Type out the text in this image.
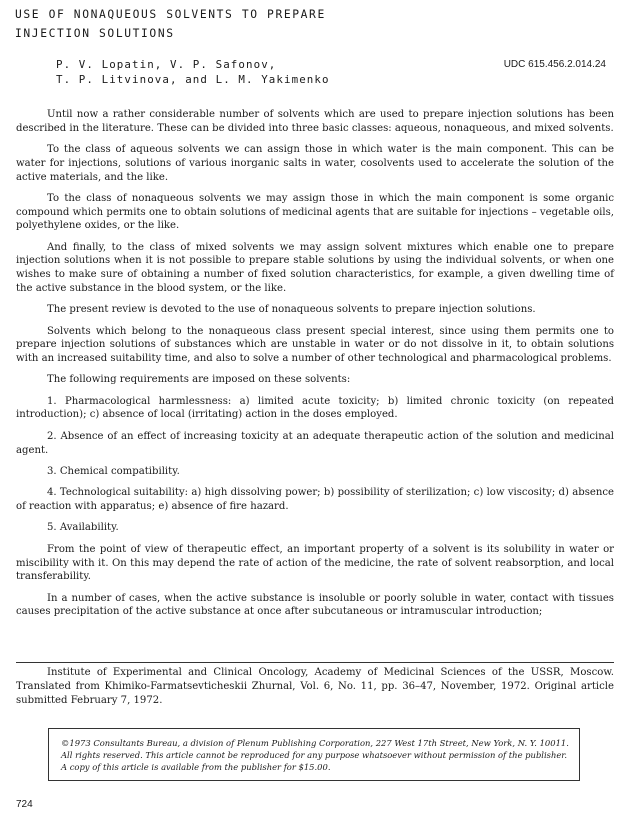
USE OF NONAQUEOUS SOLVENTS TO PREPARE
INJECTION SOLUTIONS
P. V. Lopatin, V. P. Safonov,
T. P. Litvinova, and L. M. Yakimenko
UDC 615.456.2.014.24

Until now a rather considerable number of solvents which are used to prepare injection solutions has been described in the literature. These can be divided into three basic classes: aqueous, nonaqueous, and mixed solvents.

To the class of aqueous solvents we can assign those in which water is the main component. This can be water for injections, solutions of various inorganic salts in water, cosolvents used to accelerate the solution of the active materials, and the like.

To the class of nonaqueous solvents we may assign those in which the main component is some organic compound which permits one to obtain solutions of medicinal agents that are suitable for injections – vegetable oils, polyethylene oxides, or the like.

And finally, to the class of mixed solvents we may assign solvent mixtures which enable one to prepare injection solutions when it is not possible to prepare stable solutions by using the individual solvents, or when one wishes to make sure of obtaining a number of fixed solution characteristics, for example, a given dwelling time of the active substance in the blood system, or the like.

The present review is devoted to the use of nonaqueous solvents to prepare injection solutions.

Solvents which belong to the nonaqueous class present special interest, since using them permits one to prepare injection solutions of substances which are unstable in water or do not dissolve in it, to obtain solutions with an increased suitability time, and also to solve a number of other technological and pharmacological problems.

The following requirements are imposed on these solvents:

1. Pharmacological harmlessness: a) limited acute toxicity; b) limited chronic toxicity (on repeated introduction); c) absence of local (irritating) action in the doses employed.

2. Absence of an effect of increasing toxicity at an adequate therapeutic action of the solution and medicinal agent.

3. Chemical compatibility.

4. Technological suitability: a) high dissolving power; b) possibility of sterilization; c) low viscosity; d) absence of reaction with apparatus; e) absence of fire hazard.

5. Availability.

From the point of view of therapeutic effect, an important property of a solvent is its solubility in water or miscibility with it. On this may depend the rate of action of the medicine, the rate of solvent reabsorption, and local transferability.

In a number of cases, when the active substance is insoluble or poorly soluble in water, contact with tissues causes precipitation of the active substance at once after subcutaneous or intramuscular introduction;

Institute of Experimental and Clinical Oncology, Academy of Medicinal Sciences of the USSR, Moscow. Translated from Khimiko-Farmatsevticheskii Zhurnal, Vol. 6, No. 11, pp. 36–47, November, 1972. Original article submitted February 7, 1972.

©1973 Consultants Bureau, a division of Plenum Publishing Corporation, 227 West 17th Street, New York, N. Y. 10011. All rights reserved. This article cannot be reproduced for any purpose whatsoever without permission of the publisher. A copy of this article is available from the publisher for $15.00.
724
